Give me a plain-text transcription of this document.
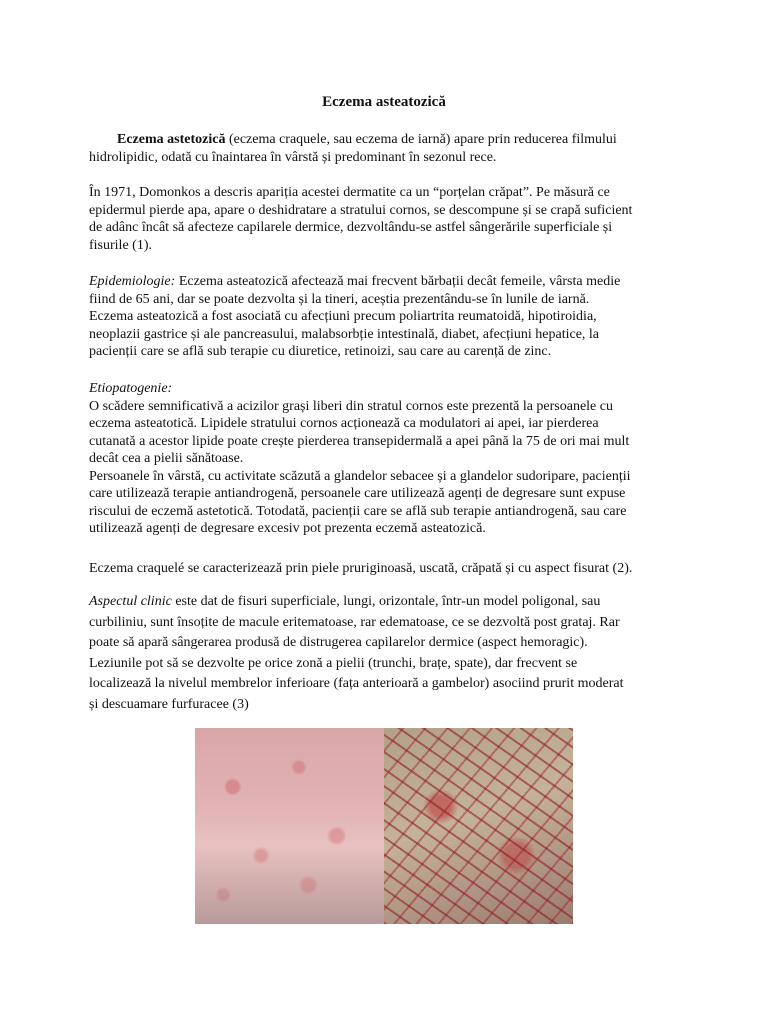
Eczema asteatozică
Eczema astetozică (eczema craquele, sau eczema de iarnă) apare prin reducerea filmului
hidrolipidic, odată cu înaintarea în vârstă și predominant în sezonul rece.
În 1971, Domonkos a descris apariția acestei dermatite ca un “porțelan crăpat”. Pe măsură ce
epidermul pierde apa, apare o deshidratare a stratului cornos, se descompune și se crapă suficient
de adânc încât să afecteze capilarele dermice, dezvoltându-se astfel sângerările superficiale și
fisurile (1).
Epidemiologie: Eczema asteatozică afectează mai frecvent bărbații decât femeile, vârsta medie
fiind de 65 ani, dar se poate dezvolta și la tineri, aceștia prezentându-se în lunile de iarnă.
Eczema asteatozică a fost asociată cu afecțiuni precum poliartrita reumatoidă, hipotiroidia,
neoplazii gastrice și ale pancreasului, malabsorbție intestinală, diabet, afecțiuni hepatice, la
pacienții care se află sub terapie cu diuretice, retinoizi, sau care au carență de zinc.
Etiopatogenie:
O scădere semnificativă a acizilor grași liberi din stratul cornos este prezentă la persoanele cu
eczema asteatotică. Lipidele stratului cornos acționează ca modulatori ai apei, iar pierderea
cutanată a acestor lipide poate crește pierderea transepidermală a apei până la 75 de ori mai mult
decât cea a pielii sănătoase.
Persoanele în vârstă, cu activitate scăzută a glandelor sebacee și a glandelor sudoripare, pacienții
care utilizează terapie antiandrogenă, persoanele care utilizează agenți de degresare sunt expuse
riscului de eczemă astetotică. Totodată, pacienții care se află sub terapie antiandrogenă, sau care
utilizează agenți de degresare excesiv pot prezenta eczemă asteatozică.
Eczema craquelé se caracterizează prin piele pruriginoasă, uscată, crăpată și cu aspect fisurat (2).
Aspectul clinic este dat de fisuri superficiale, lungi, orizontale, într-un model poligonal, sau
curbiliniu, sunt însoțite de macule eritematoase, rar edematoase, ce se dezvoltă post grataj. Rar
poate să apară sângerarea produsă de distrugerea capilarelor dermice (aspect hemoragic).
Leziunile pot să se dezvolte pe orice zonă a pielii (trunchi, brațe, spate), dar frecvent se
localizează la nivelul membrelor inferioare (fața anterioară a gambelor) asociind prurit moderat
și descuamare furfuracee (3)
